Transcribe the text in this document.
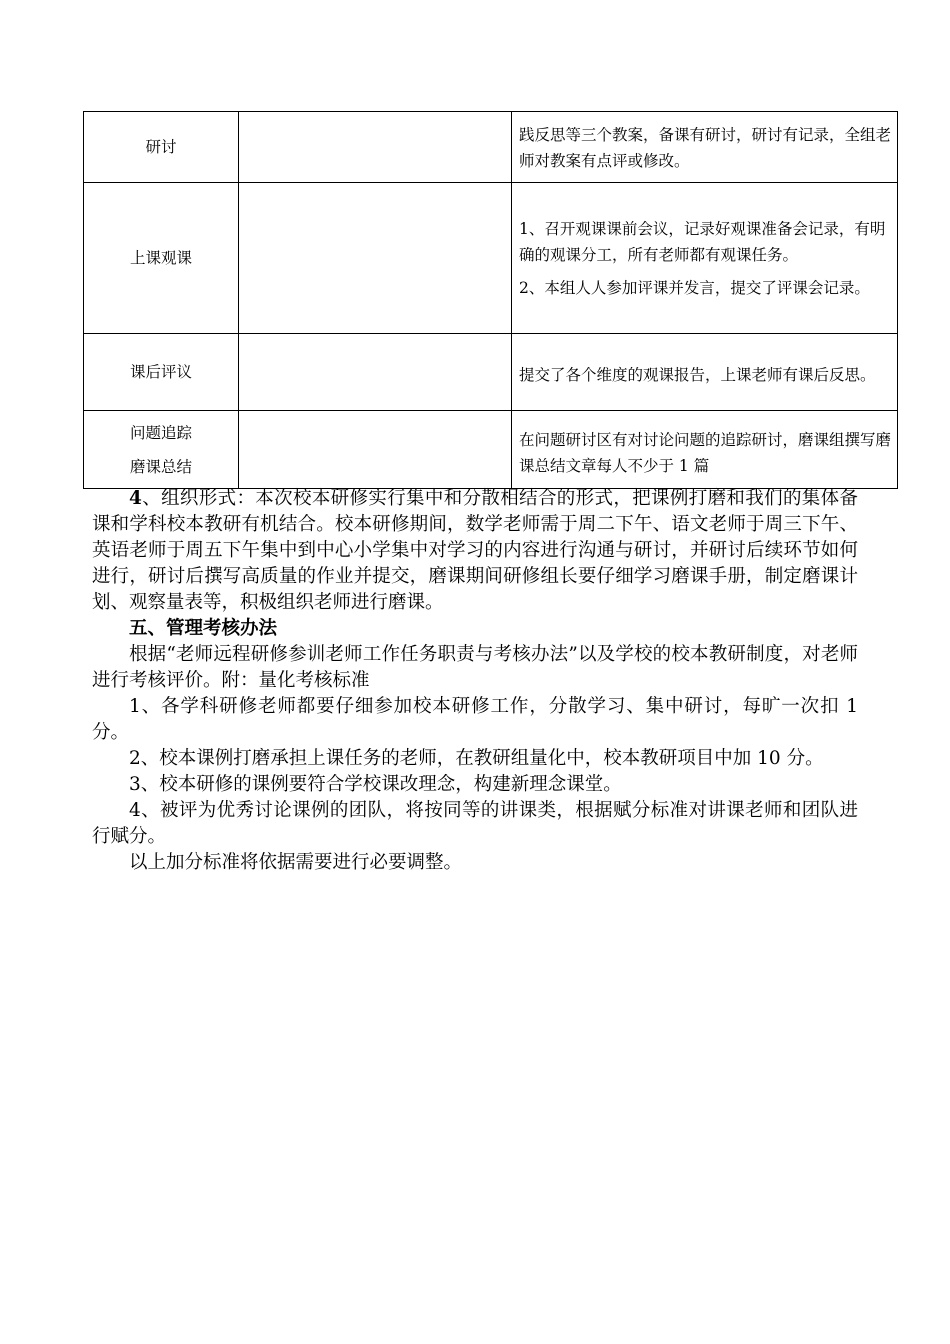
研讨		践反思等三个教案，备课有研讨，研讨有记录，全组老师对教案有点评或修改。

上课观课		1、召开观课课前会议，记录好观课准备会记录，有明确的观课分工，所有老师都有观课任务。

2、本组人人参加评课并发言，提交了评课会记录。

课后评议		提交了各个维度的观课报告，上课老师有课后反思。

问题追踪
磨课总结		在问题研讨区有对讨论问题的追踪研讨，磨课组撰写磨课总结文章每人不少于 1 篇

4、组织形式：本次校本研修实行集中和分散相结合的形式，把课例打磨和我们的集体备课和学科校本教研有机结合。校本研修期间，数学老师需于周二下午、语文老师于周三下午、英语老师于周五下午集中到中心小学集中对学习的内容进行沟通与研讨，并研讨后续环节如何进行，研讨后撰写高质量的作业并提交，磨课期间研修组长要仔细学习磨课手册，制定磨课计划、观察量表等，积极组织老师进行磨课。

五、管理考核办法

根据“老师远程研修参训老师工作任务职责与考核办法”以及学校的校本教研制度，对老师进行考核评价。附：量化考核标准

1、各学科研修老师都要仔细参加校本研修工作，分散学习、集中研讨，每旷一次扣 1 分。

2、校本课例打磨承担上课任务的老师，在教研组量化中，校本教研项目中加 10 分。

3、校本研修的课例要符合学校课改理念，构建新理念课堂。

4、被评为优秀讨论课例的团队，将按同等的讲课类，根据赋分标准对讲课老师和团队进行赋分。

以上加分标准将依据需要进行必要调整。
